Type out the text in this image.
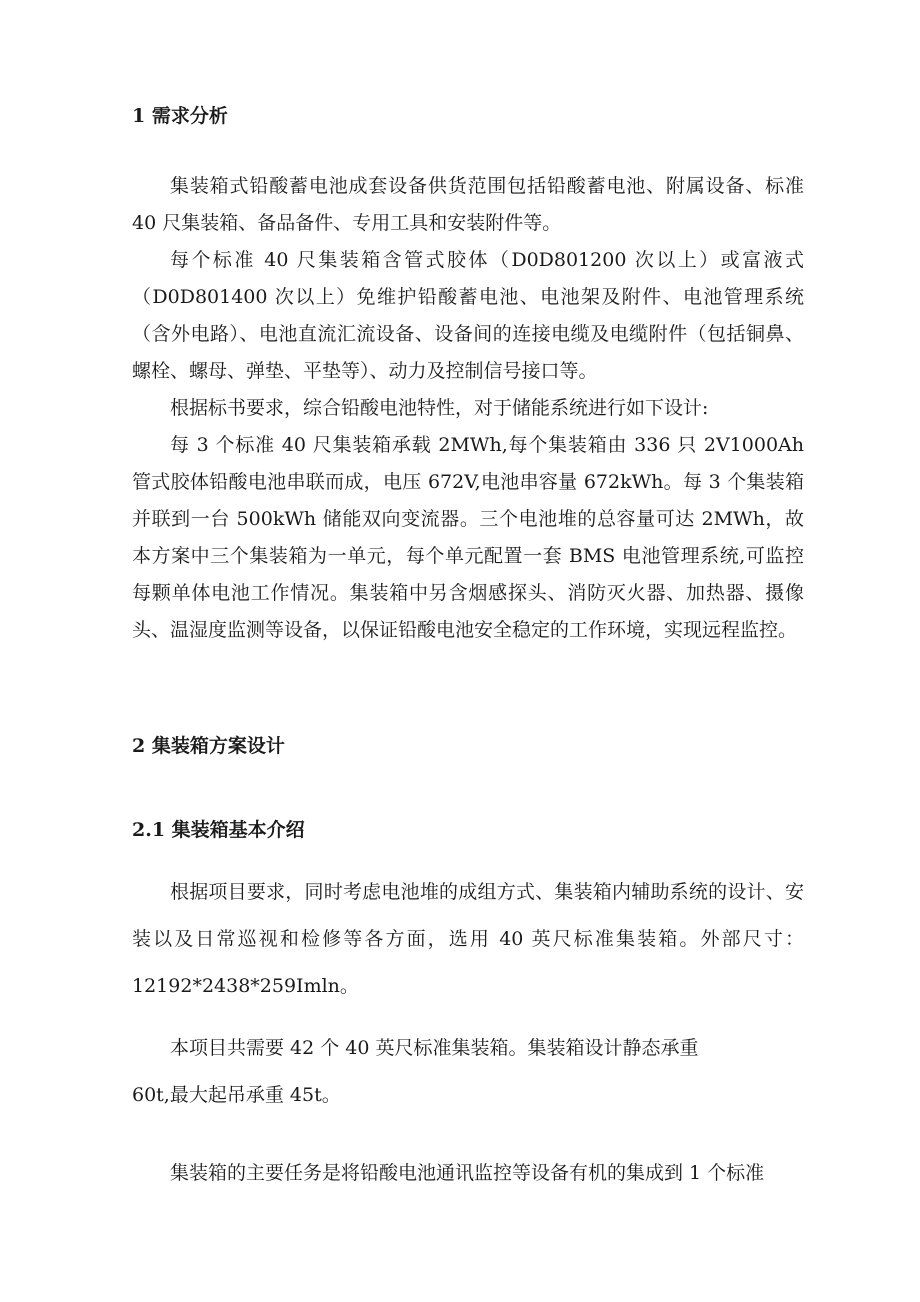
1 需求分析

集装箱式铅酸蓄电池成套设备供货范围包括铅酸蓄电池、附属设备、标准 40 尺集装箱、备品备件、专用工具和安装附件等。

每个标准 40 尺集装箱含管式胶体（D0D801200 次以上）或富液式（D0D801400 次以上）免维护铅酸蓄电池、电池架及附件、电池管理系统（含外电路）、电池直流汇流设备、设备间的连接电缆及电缆附件（包括铜鼻、螺栓、螺母、弹垫、平垫等）、动力及控制信号接口等。

根据标书要求，综合铅酸电池特性，对于储能系统进行如下设计:

每 3 个标准 40 尺集装箱承载 2MWh,每个集装箱由 336 只 2V1000Ah 管式胶体铅酸电池串联而成，电压 672V,电池串容量 672kWh。每 3 个集装箱并联到一台 500kWh 储能双向变流器。三个电池堆的总容量可达 2MWh，故本方案中三个集装箱为一单元，每个单元配置一套 BMS 电池管理系统,可监控每颗单体电池工作情况。集装箱中另含烟感探头、消防灭火器、加热器、摄像头、温湿度监测等设备，以保证铅酸电池安全稳定的工作环境，实现远程监控。

2 集装箱方案设计
2.1 集装箱基本介绍

根据项目要求，同时考虑电池堆的成组方式、集装箱内辅助系统的设计、安装以及日常巡视和检修等各方面，选用 40 英尺标准集装箱。外部尺寸：12192*2438*259Imln。

本项目共需要 42 个 40 英尺标准集装箱。集装箱设计静态承重

60t,最大起吊承重 45t。

集装箱的主要任务是将铅酸电池通讯监控等设备有机的集成到 1 个标准
